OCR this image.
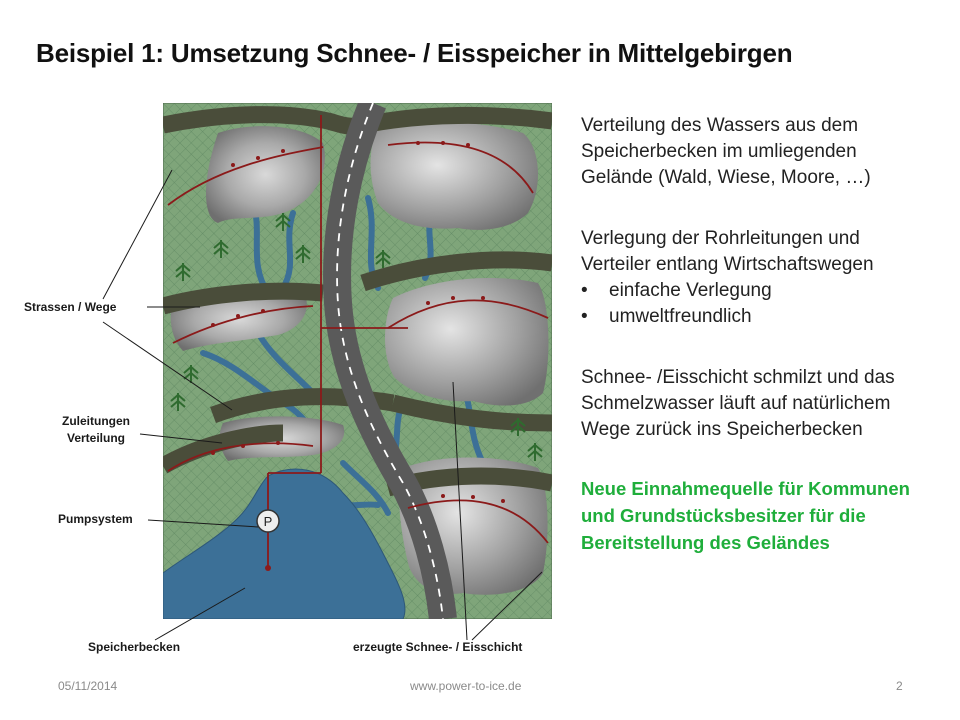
Beispiel 1: Umsetzung Schnee- / Eisspeicher in Mittelgebirgen
P
Strassen / Wege
Zuleitungen
Verteilung
Pumpsystem
Speicherbecken	erzeugte Schnee- / Eisschicht
Verteilung des Wassers aus dem
Speicherbecken im umliegenden
Gelände (Wald, Wiese, Moore, …)
Verlegung der Rohrleitungen und
Verteiler entlang Wirtschaftswegen
• einfache Verlegung
• umweltfreundlich
Schnee- /Eisschicht schmilzt und das
Schmelzwasser läuft auf natürlichem
Wege zurück ins Speicherbecken
Neue Einnahmequelle für Kommunen
und Grundstücksbesitzer für die
Bereitstellung des Geländes
05/11/2014	www.power-to-ice.de	2
